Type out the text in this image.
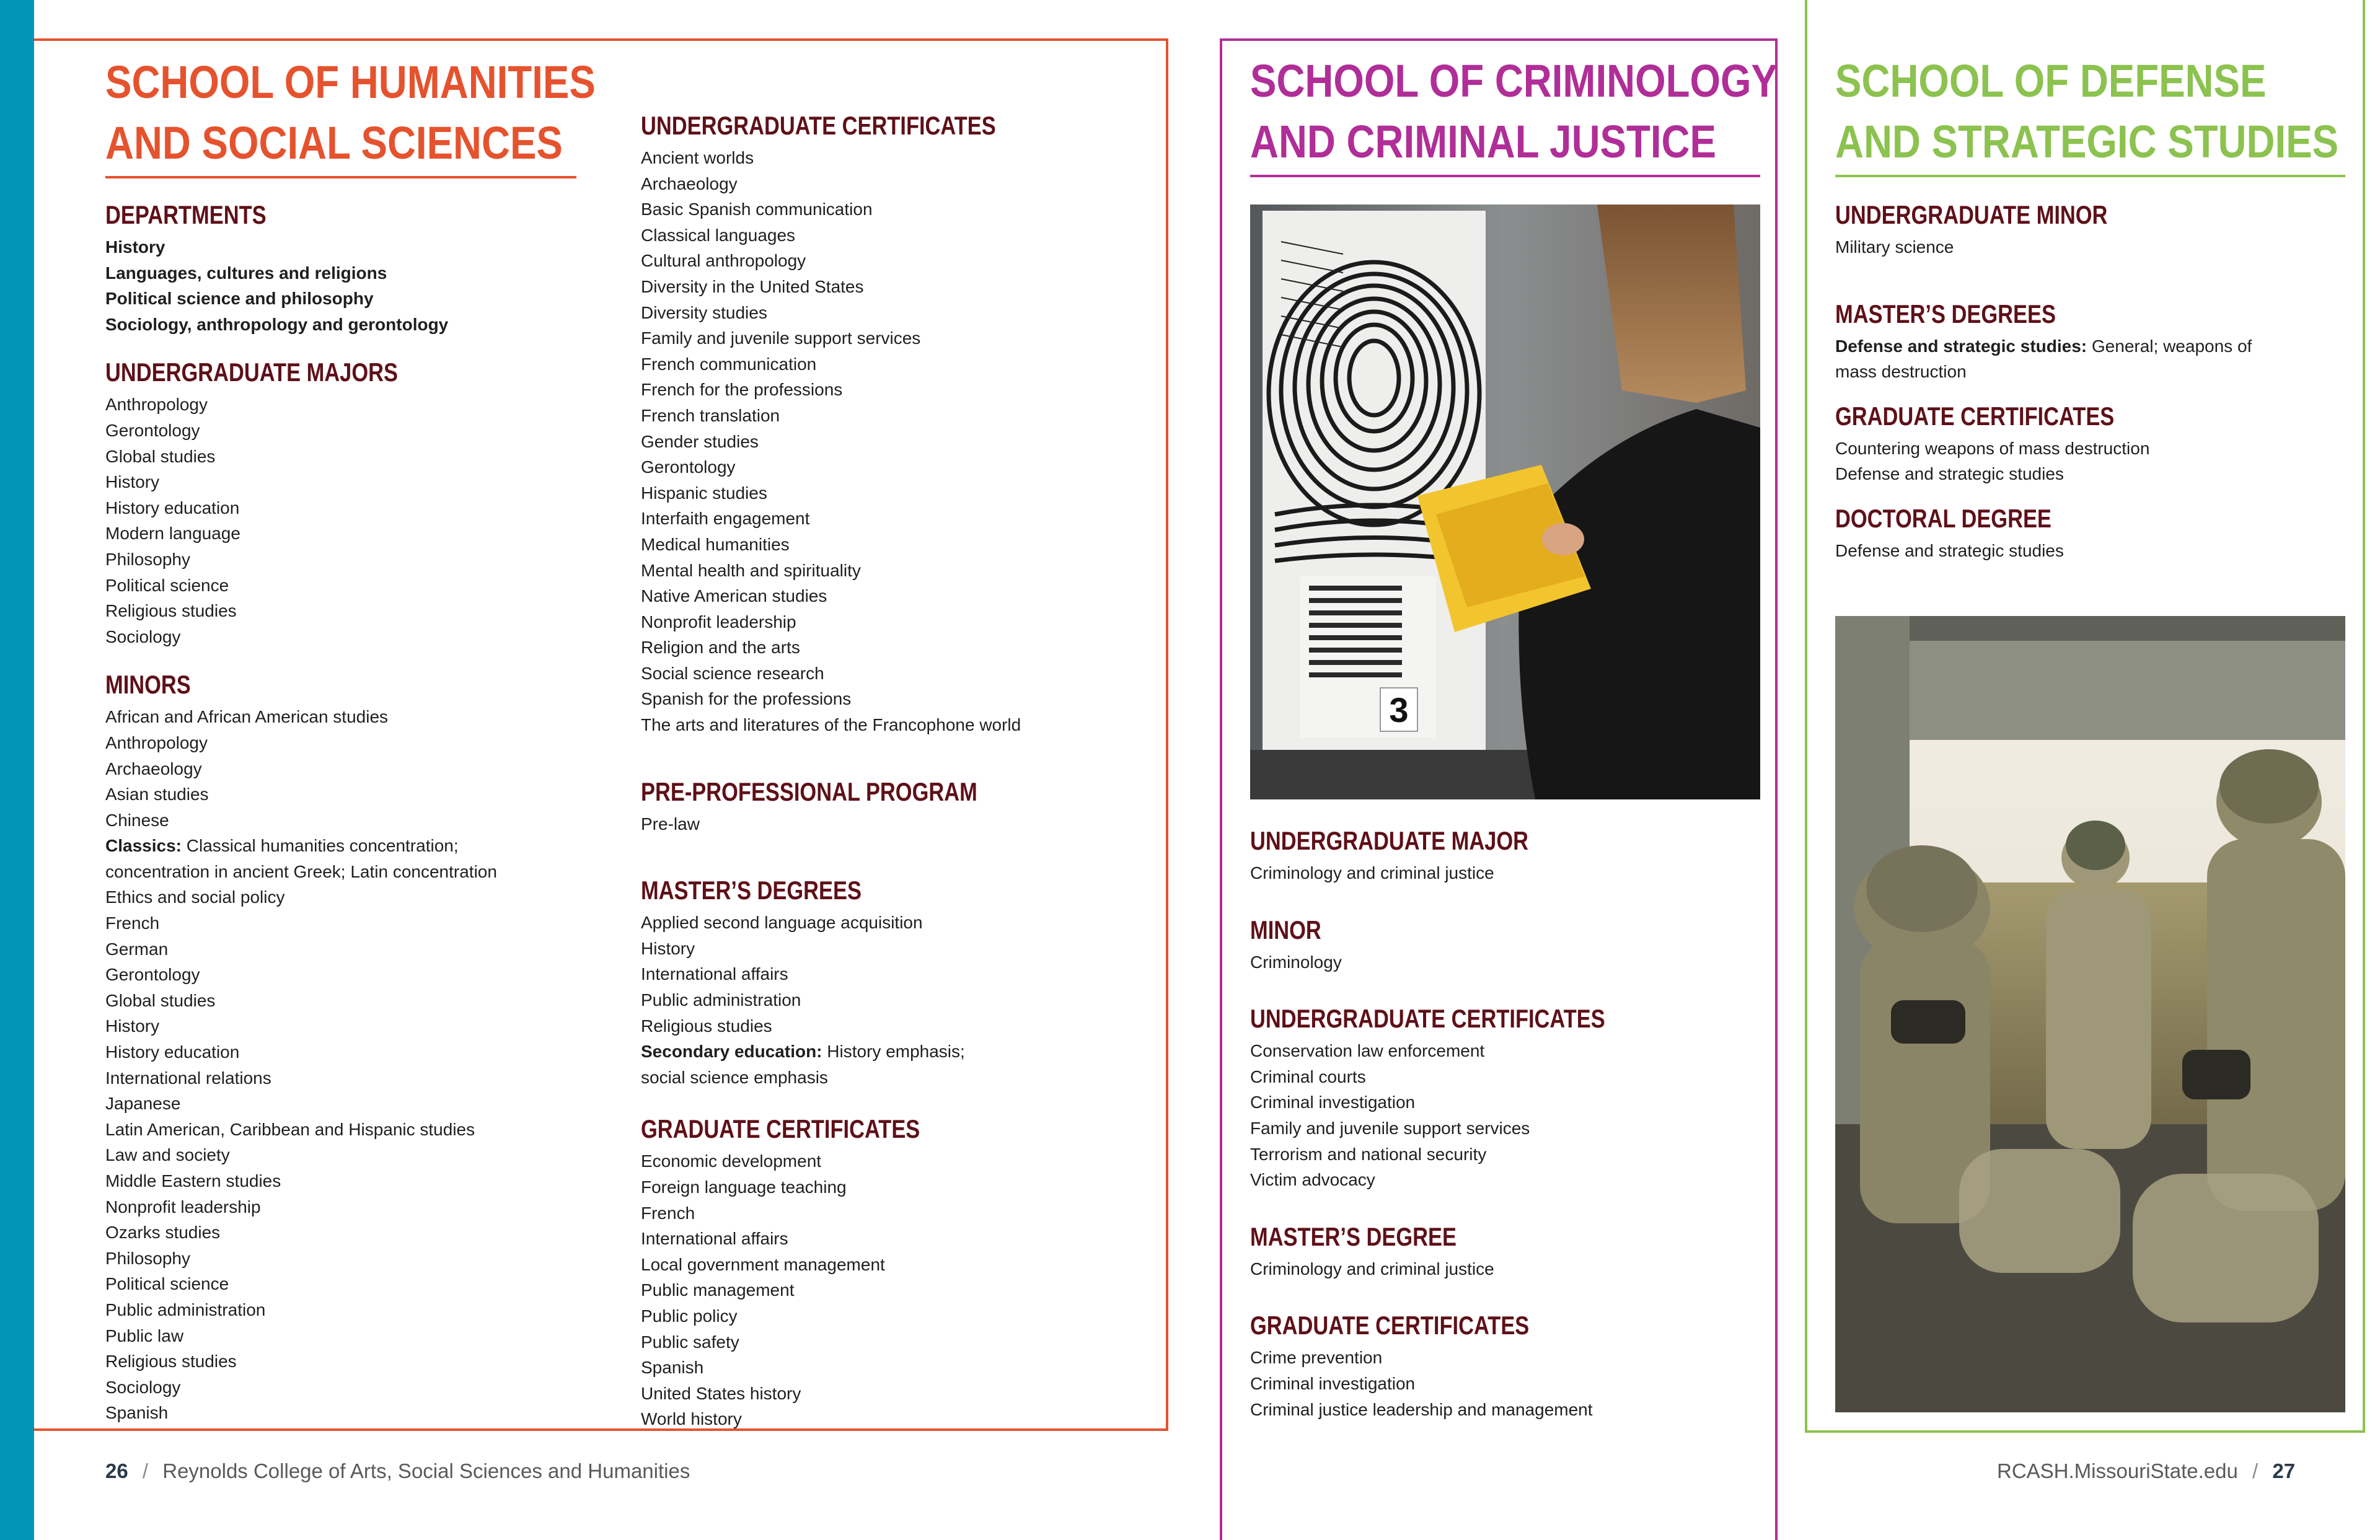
SCHOOL OF HUMANITIES
AND SOCIAL SCIENCES
DEPARTMENTS
History
Languages, cultures and religions
Political science and philosophy
Sociology, anthropology and gerontology
UNDERGRADUATE MAJORS
Anthropology
Gerontology
Global studies
History
History education
Modern language
Philosophy
Political science
Religious studies
Sociology
MINORS
African and African American studies
Anthropology
Archaeology
Asian studies
Chinese
Classics: Classical humanities concentration;
concentration in ancient Greek; Latin concentration
Ethics and social policy
French
German
Gerontology
Global studies
History
History education
International relations
Japanese
Latin American, Caribbean and Hispanic studies
Law and society
Middle Eastern studies
Nonprofit leadership
Ozarks studies
Philosophy
Political science
Public administration
Public law
Religious studies
Sociology
Spanish
UNDERGRADUATE CERTIFICATES
Ancient worlds
Archaeology
Basic Spanish communication
Classical languages
Cultural anthropology
Diversity in the United States
Diversity studies
Family and juvenile support services
French communication
French for the professions
French translation
Gender studies
Gerontology
Hispanic studies
Interfaith engagement
Medical humanities
Mental health and spirituality
Native American studies
Nonprofit leadership
Religion and the arts
Social science research
Spanish for the professions
The arts and literatures of the Francophone world
PRE-PROFESSIONAL PROGRAM
Pre-law
MASTER’S DEGREES
Applied second language acquisition
History
International affairs
Public administration
Religious studies
Secondary education: History emphasis;
social science emphasis
GRADUATE CERTIFICATES
Economic development
Foreign language teaching
French
International affairs
Local government management
Public management
Public policy
Public safety
Spanish
United States history
World history
SCHOOL OF CRIMINOLOGY
AND CRIMINAL JUSTICE
3
UNDERGRADUATE MAJOR
Criminology and criminal justice
MINOR
Criminology
UNDERGRADUATE CERTIFICATES
Conservation law enforcement
Criminal courts
Criminal investigation
Family and juvenile support services
Terrorism and national security
Victim advocacy
MASTER’S DEGREE
Criminology and criminal justice
GRADUATE CERTIFICATES
Crime prevention
Criminal investigation
Criminal justice leadership and management
SCHOOL OF DEFENSE
AND STRATEGIC STUDIES
UNDERGRADUATE MINOR
Military science
MASTER’S DEGREES
Defense and strategic studies: General; weapons of
mass destruction
GRADUATE CERTIFICATES
Countering weapons of mass destruction
Defense and strategic studies
DOCTORAL DEGREE
Defense and strategic studies
26 / Reynolds College of Arts, Social Sciences and Humanities	RCASH.MissouriState.edu / 27
